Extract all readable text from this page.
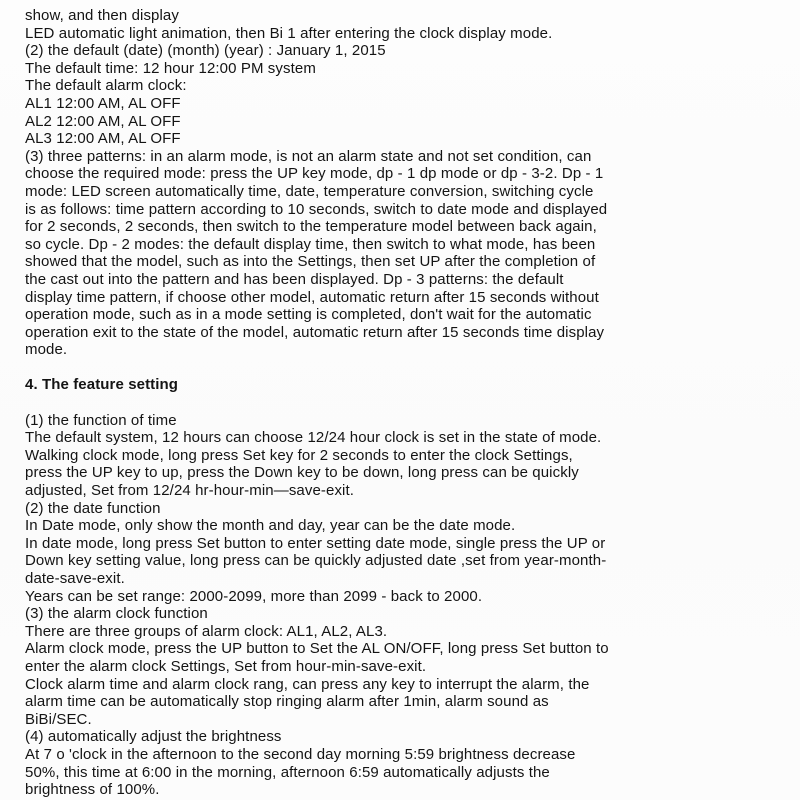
show, and then display
LED automatic light animation, then Bi 1 after entering the clock display mode.
(2) the default (date) (month) (year) : January 1, 2015
The default time: 12 hour 12:00 PM system
The default alarm clock:
AL1 12:00 AM, AL OFF
AL2 12:00 AM, AL OFF
AL3 12:00 AM, AL OFF
(3) three patterns: in an alarm mode, is not an alarm state and not set condition, can
choose the required mode: press the UP key mode, dp - 1 dp mode or dp - 3-2. Dp - 1
mode: LED screen automatically time, date, temperature conversion, switching cycle
is as follows: time pattern according to 10 seconds, switch to date mode and displayed
for 2 seconds, 2 seconds, then switch to the temperature model between back again,
so cycle. Dp - 2 modes: the default display time, then switch to what mode, has been
showed that the model, such as into the Settings, then set UP after the completion of
the cast out into the pattern and has been displayed. Dp - 3 patterns: the default
display time pattern, if choose other model, automatic return after 15 seconds without
operation mode, such as in a mode setting is completed, don't wait for the automatic
operation exit to the state of the model, automatic return after 15 seconds time display
mode.
4. The feature setting
(1) the function of time
The default system, 12 hours can choose 12/24 hour clock is set in the state of mode.
Walking clock mode, long press Set key for 2 seconds to enter the clock Settings,
press the UP key to up, press the Down key to be down, long press can be quickly
adjusted, Set from 12/24 hr-hour-min—save-exit.
(2) the date function
In Date mode, only show the month and day, year can be the date mode.
In date mode, long press Set button to enter setting date mode, single press the UP or
Down key setting value, long press can be quickly adjusted date ,set from year-month-
date-save-exit.
Years can be set range: 2000-2099, more than 2099 - back to 2000.
(3) the alarm clock function
There are three groups of alarm clock: AL1, AL2, AL3.
Alarm clock mode, press the UP button to Set the AL ON/OFF, long press Set button to
enter the alarm clock Settings, Set from hour-min-save-exit.
Clock alarm time and alarm clock rang, can press any key to interrupt the alarm, the
alarm time can be automatically stop ringing alarm after 1min, alarm sound as
BiBi/SEC.
(4) automatically adjust the brightness
At 7 o 'clock in the afternoon to the second day morning 5:59 brightness decrease
50%, this time at 6:00 in the morning, afternoon 6:59 automatically adjusts the
brightness of 100%.
